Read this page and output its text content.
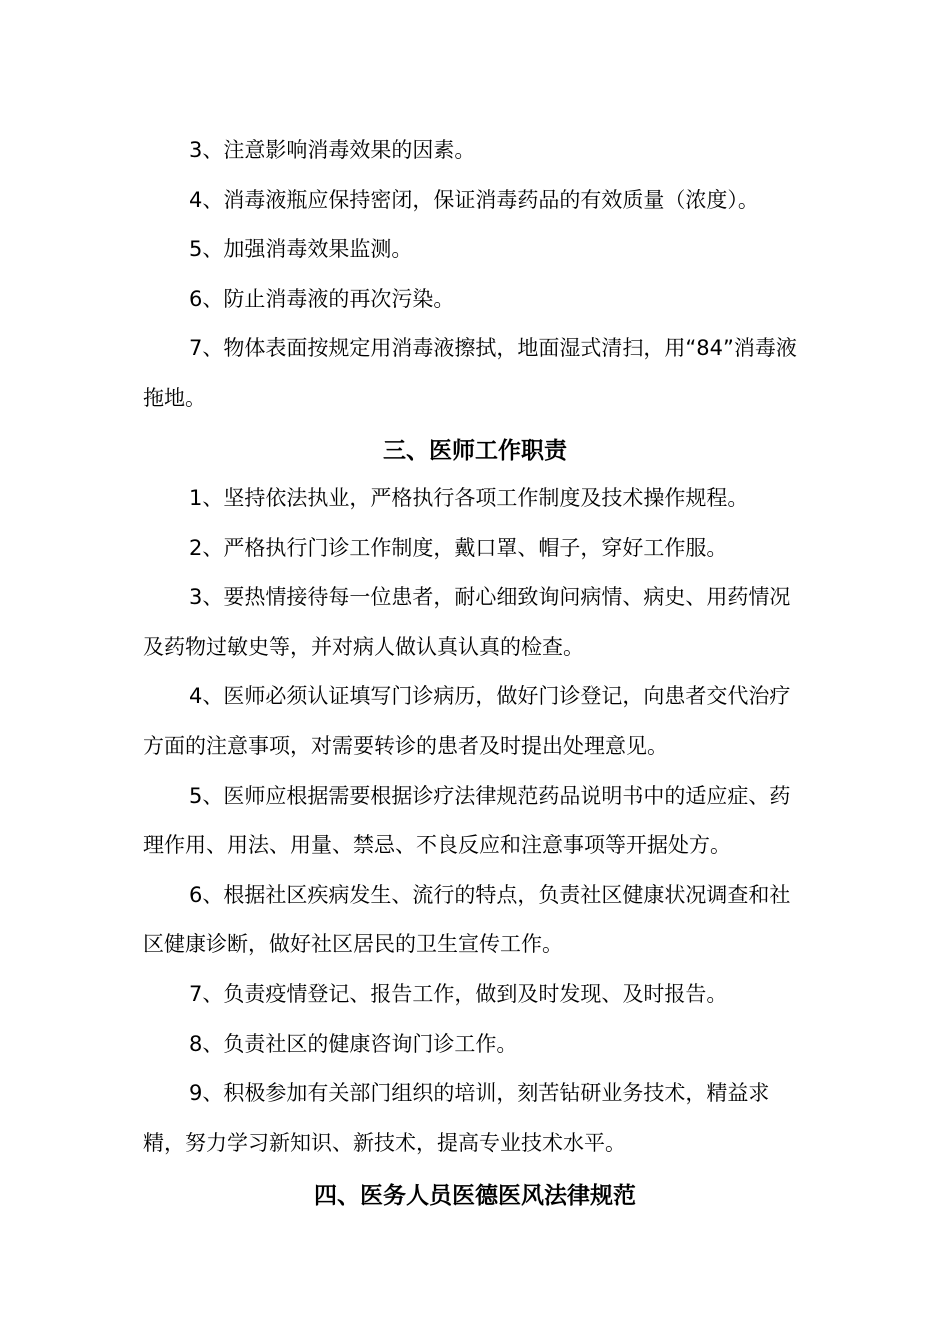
3、注意影响消毒效果的因素。

4、消毒液瓶应保持密闭，保证消毒药品的有效质量（浓度）。

5、加强消毒效果监测。

6、防止消毒液的再次污染。

7、物体表面按规定用消毒液擦拭，地面湿式清扫，用“84”消毒液拖地。

三、医师工作职责

1、坚持依法执业，严格执行各项工作制度及技术操作规程。

2、严格执行门诊工作制度，戴口罩、帽子，穿好工作服。

3、要热情接待每一位患者，耐心细致询问病情、病史、用药情况及药物过敏史等，并对病人做认真认真的检查。

4、医师必须认证填写门诊病历，做好门诊登记，向患者交代治疗方面的注意事项，对需要转诊的患者及时提出处理意见。

5、医师应根据需要根据诊疗法律规范药品说明书中的适应症、药理作用、用法、用量、禁忌、不良反应和注意事项等开据处方。

6、根据社区疾病发生、流行的特点，负责社区健康状况调查和社区健康诊断，做好社区居民的卫生宣传工作。

7、负责疫情登记、报告工作，做到及时发现、及时报告。

8、负责社区的健康咨询门诊工作。

9、积极参加有关部门组织的培训，刻苦钻研业务技术，精益求精，努力学习新知识、新技术，提高专业技术水平。

四、医务人员医德医风法律规范
